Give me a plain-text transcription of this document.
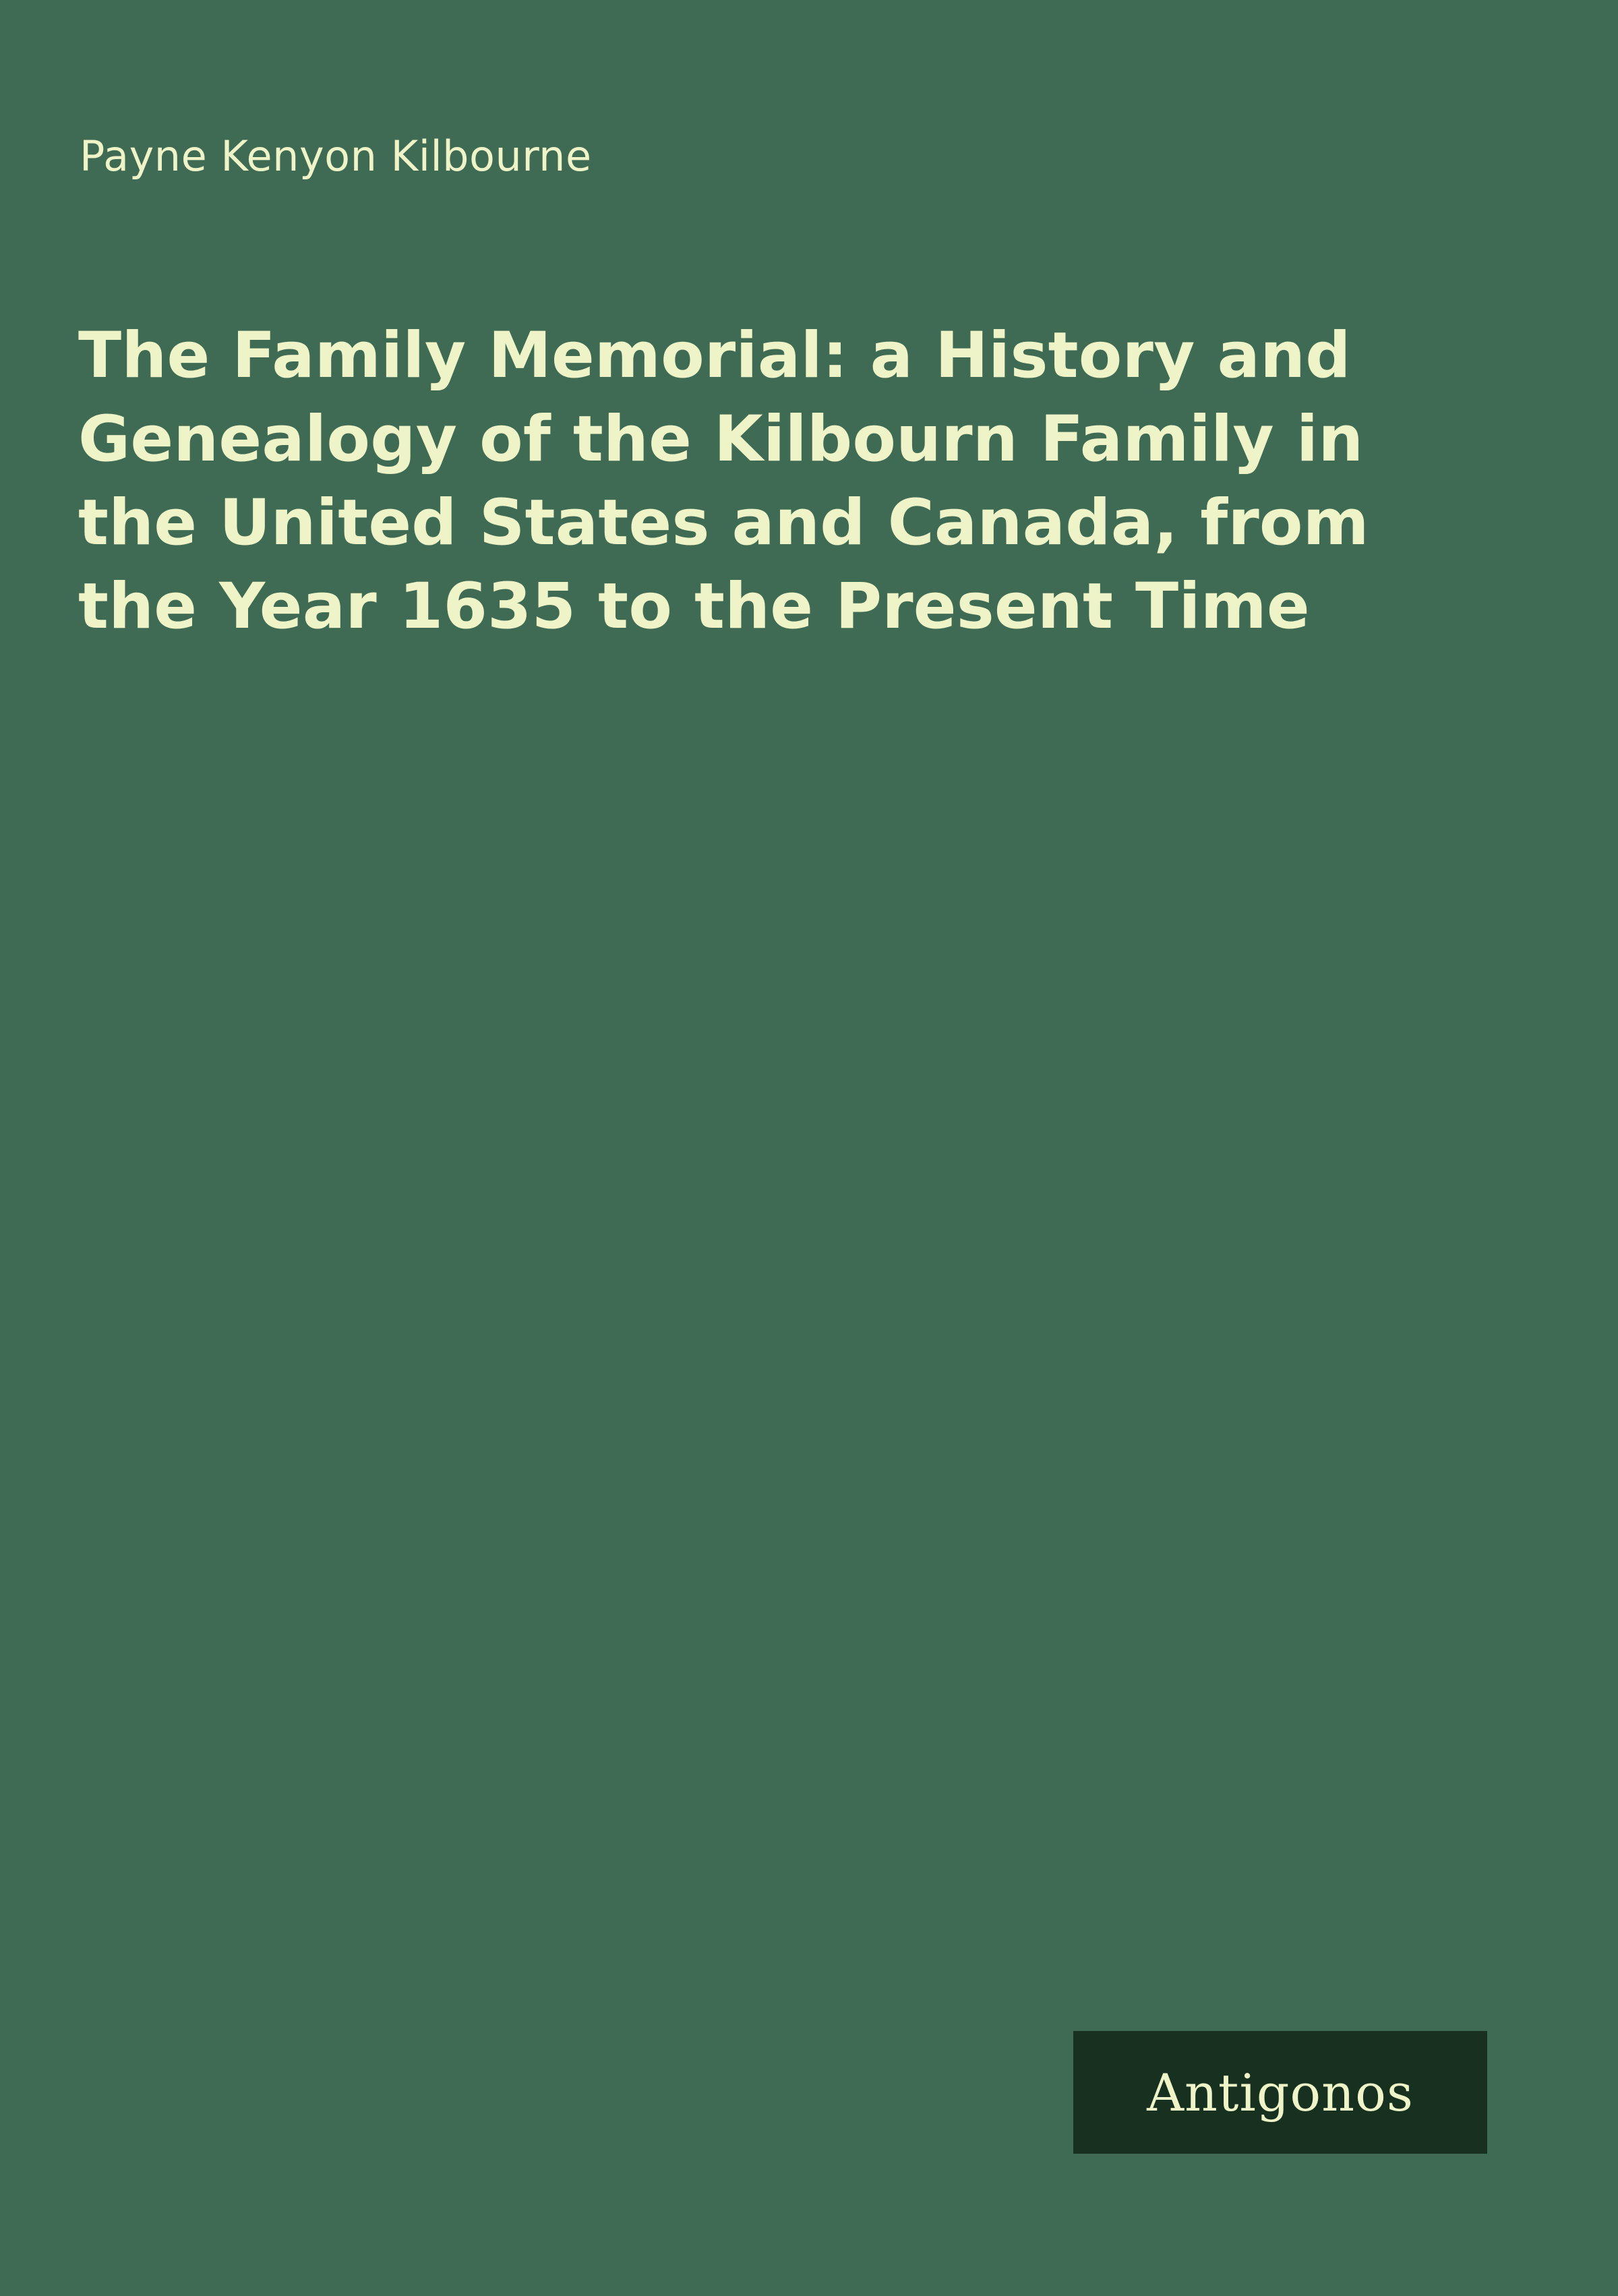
Payne Kenyon Kilbourne
The Family Memorial: a History and Genealogy of the Kilbourn Family in the United States and Canada, from the Year 1635 to the Present Time
Antigonos
